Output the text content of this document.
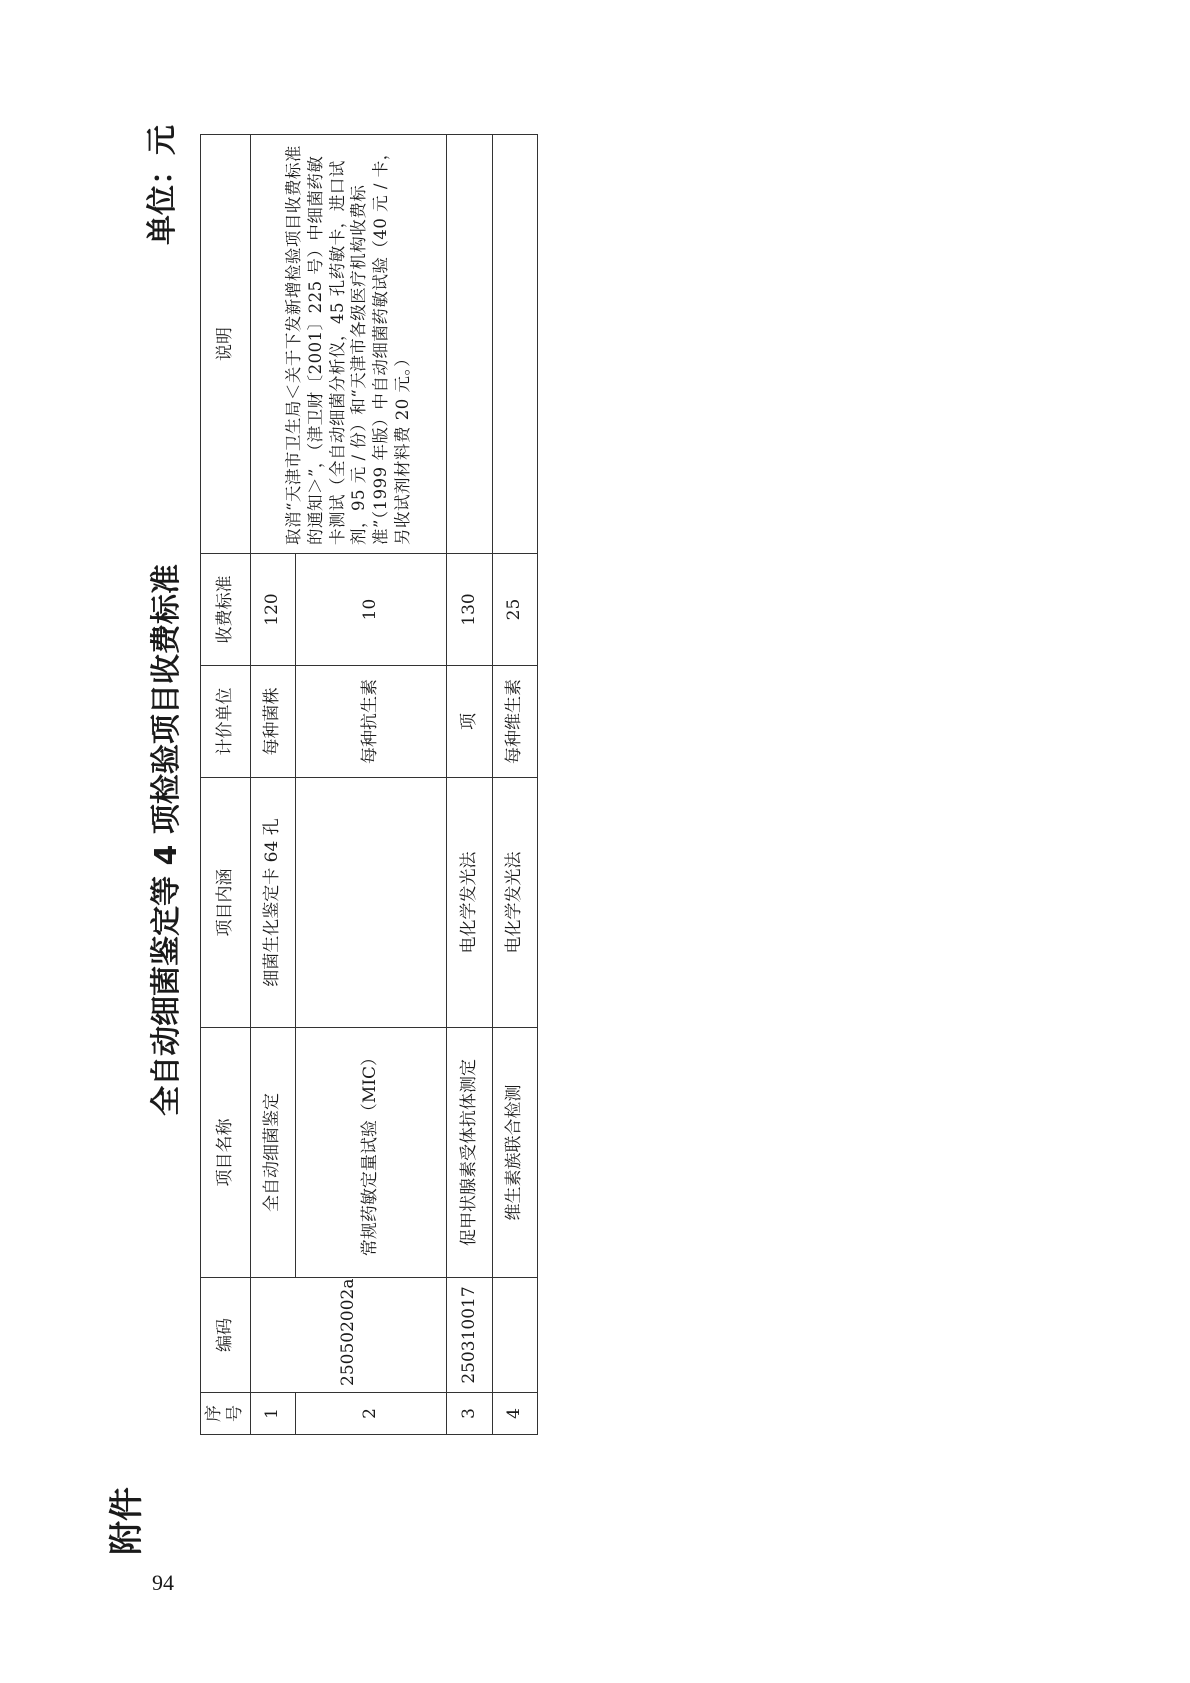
94
附件
全自动细菌鉴定等 4 项检验项目收费标准
单位：元
序号	编码	项目名称	项目内涵	计价单位	收费标准	说明
1	250502002a	全自动细菌鉴定	细菌生化鉴定卡 64 孔	每种菌株	120	取消“天津市卫生局＜关于下发新增检验项目收费标准的通知＞”，（津卫财〔2001〕225 号）中细菌药敏卡测试（全自动细菌分析仪，45 孔药敏卡，进口试剂，95 元 / 份）和“天津市各级医疗机构收费标准”（1999 年版）中自动细菌药敏试验（40 元 / 卡，另收试剂材料费 20 元。）
2		常规药敏定量试验（MIC）		每种抗生素	10	
3	250310017	促甲状腺素受体抗体测定	电化学发光法	项	130	
4		维生素族联合检测	电化学发光法	每种维生素	25	
